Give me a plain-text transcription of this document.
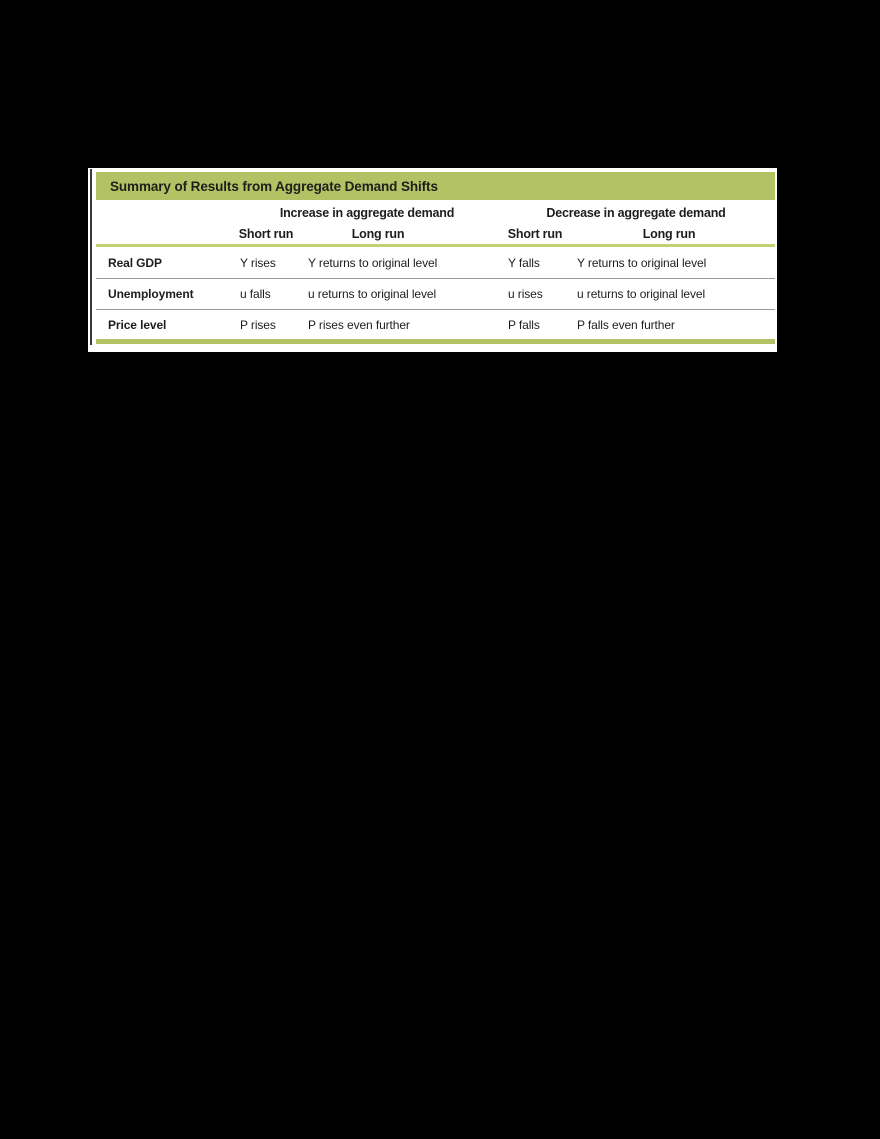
Summary of Results from Aggregate Demand Shifts
Increase in aggregate demand	Decrease in aggregate demand
Short run	Long run	Short run	Long run
Real GDP	Y rises	Y returns to original level	Y falls	Y returns to original level
Unemployment	u falls	u returns to original level	u rises	u returns to original level
Price level	P rises	P rises even further	P falls	P falls even further
